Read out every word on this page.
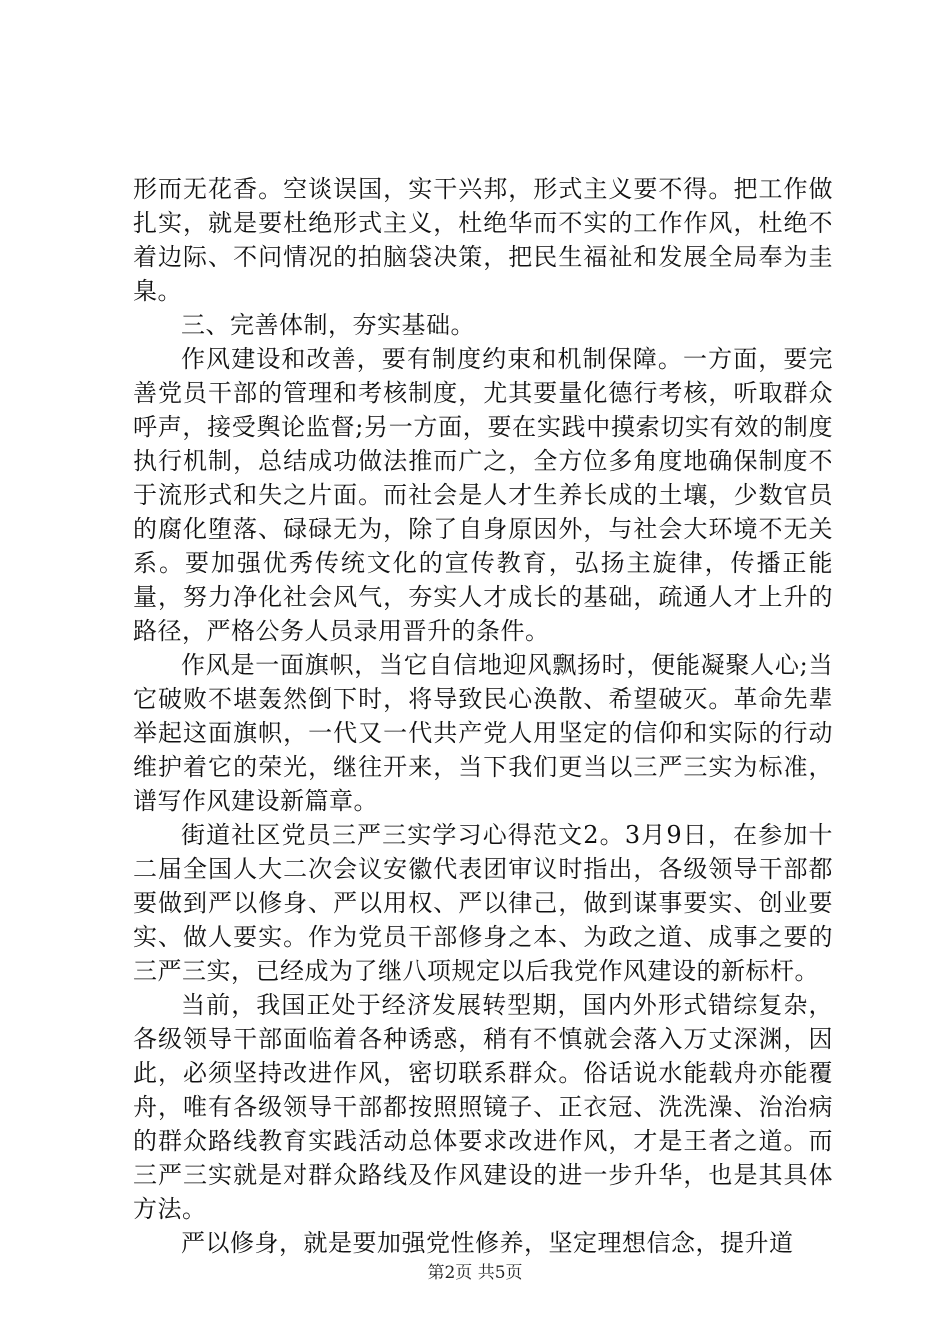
形而无花香。空谈误国，实干兴邦，形式主义要不得。把工作做扎实，就是要杜绝形式主义，杜绝华而不实的工作作风，杜绝不着边际、不问情况的拍脑袋决策，把民生福祉和发展全局奉为圭臬。

三、完善体制，夯实基础。

作风建设和改善，要有制度约束和机制保障。一方面，要完善党员干部的管理和考核制度，尤其要量化德行考核，听取群众呼声，接受舆论监督;另一方面，要在实践中摸索切实有效的制度执行机制，总结成功做法推而广之，全方位多角度地确保制度不于流形式和失之片面。而社会是人才生养长成的土壤，少数官员的腐化堕落、碌碌无为，除了自身原因外，与社会大环境不无关系。要加强优秀传统文化的宣传教育，弘扬主旋律，传播正能量，努力净化社会风气，夯实人才成长的基础，疏通人才上升的路径，严格公务人员录用晋升的条件。

作风是一面旗帜，当它自信地迎风飘扬时，便能凝聚人心;当它破败不堪轰然倒下时，将导致民心涣散、希望破灭。革命先辈举起这面旗帜，一代又一代共产党人用坚定的信仰和实际的行动维护着它的荣光，继往开来，当下我们更当以三严三实为标准，谱写作风建设新篇章。

街道社区党员三严三实学习心得范文2。3月9日，在参加十二届全国人大二次会议安徽代表团审议时指出，各级领导干部都要做到严以修身、严以用权、严以律己，做到谋事要实、创业要实、做人要实。作为党员干部修身之本、为政之道、成事之要的三严三实，已经成为了继八项规定以后我党作风建设的新标杆。

当前，我国正处于经济发展转型期，国内外形式错综复杂，各级领导干部面临着各种诱惑，稍有不慎就会落入万丈深渊，因此，必须坚持改进作风，密切联系群众。俗话说水能载舟亦能覆舟，唯有各级领导干部都按照照镜子、正衣冠、洗洗澡、治治病的群众路线教育实践活动总体要求改进作风，才是王者之道。而三严三实就是对群众路线及作风建设的进一步升华，也是其具体方法。

严以修身，就是要加强党性修养，坚定理想信念，提升道

第2页 共5页
